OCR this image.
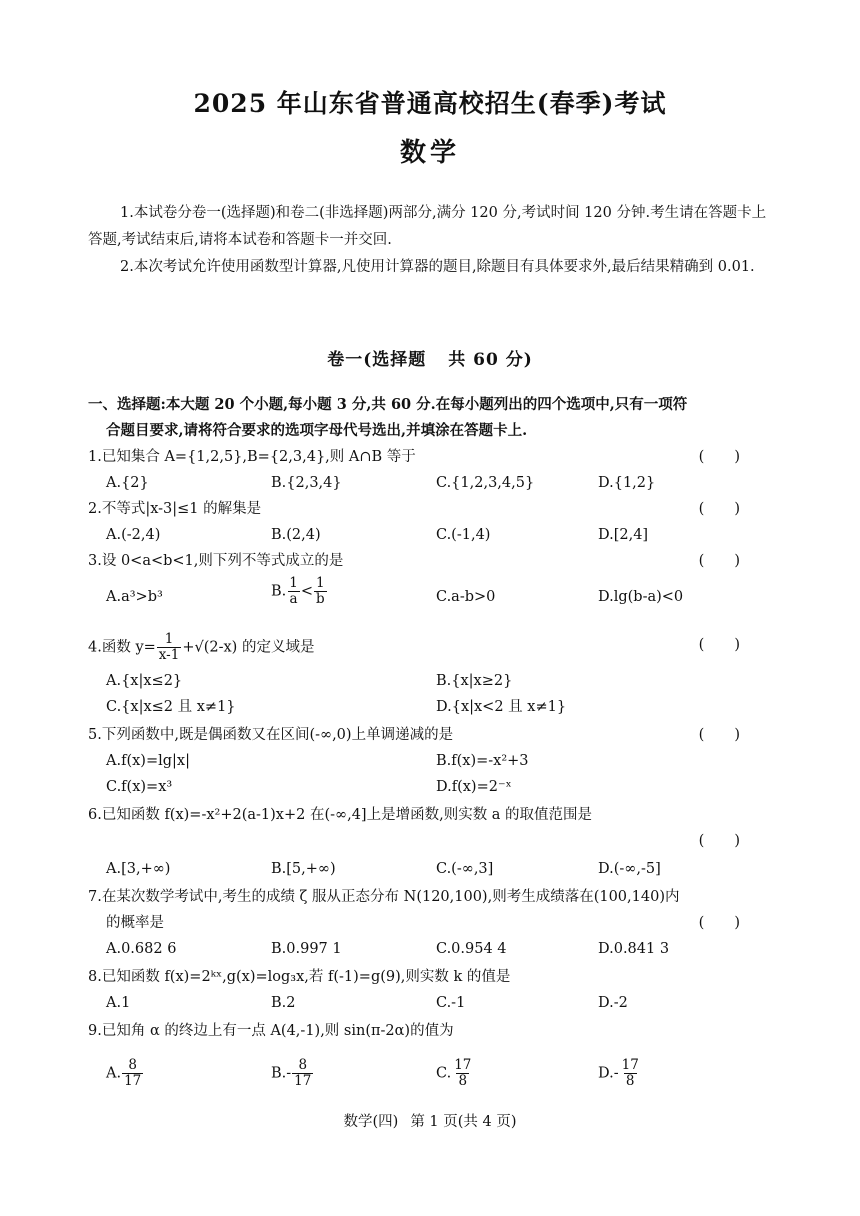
2025 年山东省普通高校招生(春季)考试
数学

1.本试卷分卷一(选择题)和卷二(非选择题)两部分,满分 120 分,考试时间 120 分钟.考生请在答题卡上答题,考试结束后,请将本试卷和答题卡一并交回.

2.本次考试允许使用函数型计算器,凡使用计算器的题目,除题目有具体要求外,最后结果精确到 0.01.

卷一(选择题 共 60 分)
一、选择题:本大题 20 个小题,每小题 3 分,共 60 分.在每小题列出的四个选项中,只有一项符
合题目要求,请将符合要求的选项字母代号选出,并填涂在答题卡上.
1.已知集合 A={1,2,5},B={2,3,4},则 A∩B 等于	()
A.{2}	B.{2,3,4}	C.{1,2,3,4,5}	D.{1,2}
2.不等式|x-3|≤1 的解集是	()
A.(-2,4)	B.(2,4)	C.(-1,4)	D.[2,4]
3.设 0<a<b<1,则下列不等式成立的是	()
A.a³>b³	B. $\frac{1}{a} < \frac{1}{b}$	C.a-b>0	D.lg(b-a)<0
4.函数 $y= \frac{1}{x-1} +√(2-x)$ 的定义域是	()
A.{x|x≤2}	B.{x|x≥2}
C.{x|x≤2 且 x≠1}	D.{x|x<2 且 x≠1}
5.下列函数中,既是偶函数又在区间(-∞,0)上单调递减的是	()
A.f(x)=lg|x|	B.f(x)=-x²+3
C.f(x)=x³	D.f(x)=2⁻ˣ
6.已知函数 f(x)=-x²+2(a-1)x+2 在(-∞,4]上是增函数,则实数 a 的取值范围是
()
A.[3,+∞)	B.[5,+∞)	C.(-∞,3]	D.(-∞,-5]
7.在某次数学考试中,考生的成绩 ζ 服从正态分布 N(120,100),则考生成绩落在(100,140)内
的概率是	()
A.0.682 6	B.0.997 1	C.0.954 4	D.0.841 3
8.已知函数 f(x)=2ᵏˣ,g(x)=log₃x,若 f(-1)=g(9),则实数 k 的值是
A.1	B.2	C.-1	D.-2
9.已知角 α 的终边上有一点 A(4,-1),则 sin(π-2α)的值为
A. $\frac{8}{17}$	$B.- \frac{8}{17}$	C. $\frac{17}{8}$	$D.- \frac{17}{8}$
数学(四) 第 1 页(共 4 页)
